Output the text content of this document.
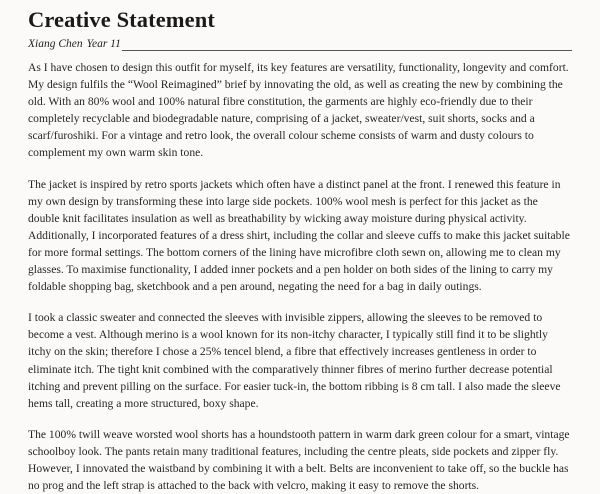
Creative Statement
Xiang Chen Year 11

As I have chosen to design this outfit for myself, its key features are versatility, functionality, longevity and comfort. My design fulfils the “Wool Reimagined” brief by innovating the old, as well as creating the new by combining the old. With an 80% wool and 100% natural fibre constitution, the garments are highly eco-friendly due to their completely recyclable and biodegradable nature, comprising of a jacket, sweater/vest, suit shorts, socks and a scarf/furoshiki. For a vintage and retro look, the overall colour scheme consists of warm and dusty colours to complement my own warm skin tone.

The jacket is inspired by retro sports jackets which often have a distinct panel at the front. I renewed this feature in my own design by transforming these into large side pockets. 100% wool mesh is perfect for this jacket as the double knit facilitates insulation as well as breathability by wicking away moisture during physical activity. Additionally, I incorporated features of a dress shirt, including the collar and sleeve cuffs to make this jacket suitable for more formal settings. The bottom corners of the lining have microfibre cloth sewn on, allowing me to clean my glasses. To maximise functionality, I added inner pockets and a pen holder on both sides of the lining to carry my foldable shopping bag, sketchbook and a pen around, negating the need for a bag in daily outings.

I took a classic sweater and connected the sleeves with invisible zippers, allowing the sleeves to be removed to become a vest. Although merino is a wool known for its non-itchy character, I typically still find it to be slightly itchy on the skin; therefore I chose a 25% tencel blend, a fibre that effectively increases gentleness in order to eliminate itch. The tight knit combined with the comparatively thinner fibres of merino further decrease potential itching and prevent pilling on the surface. For easier tuck-in, the bottom ribbing is 8 cm tall. I also made the sleeve hems tall, creating a more structured, boxy shape.

The 100% twill weave worsted wool shorts has a houndstooth pattern in warm dark green colour for a smart, vintage schoolboy look. The pants retain many traditional features, including the centre pleats, side pockets and zipper fly. However, I innovated the waistband by combining it with a belt. Belts are inconvenient to take off, so the buckle has no prog and the left strap is attached to the back with velcro, making it easy to remove the shorts.
